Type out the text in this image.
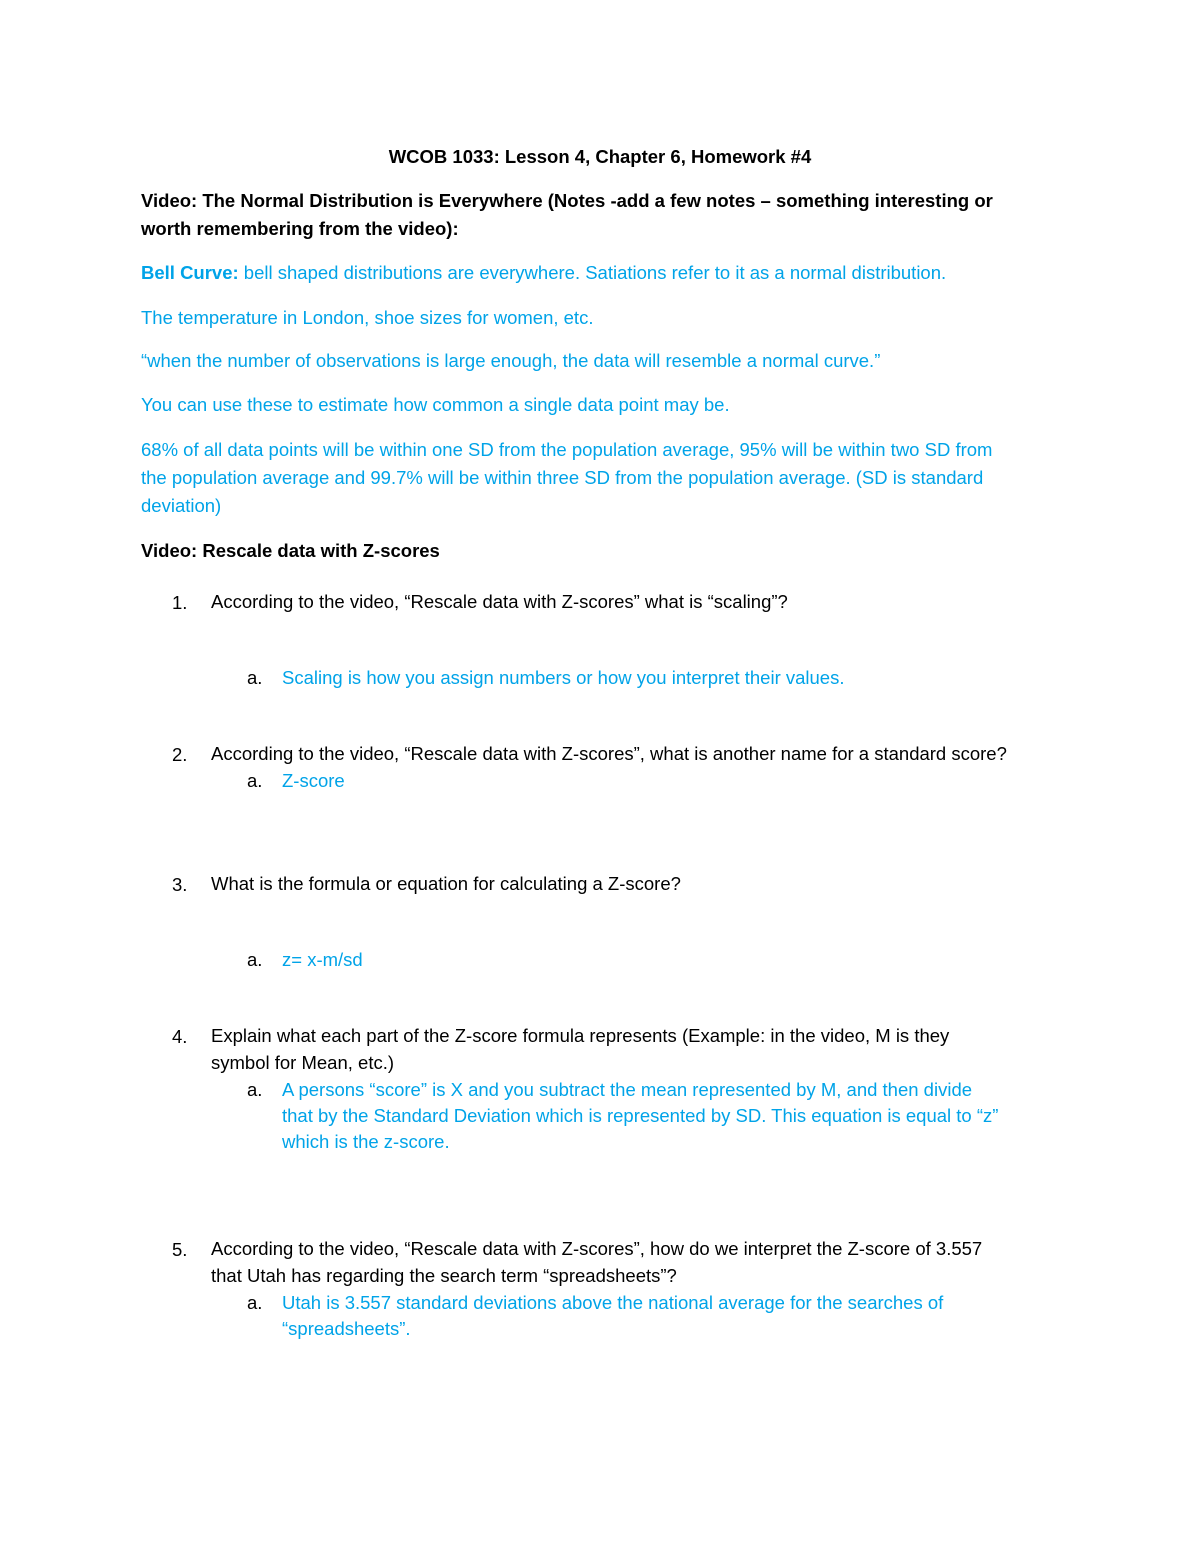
WCOB 1033: Lesson 4, Chapter 6, Homework #4
Video: The Normal Distribution is Everywhere (Notes -add a few notes – something interesting or
worth remembering from the video):
Bell Curve: bell shaped distributions are everywhere. Satiations refer to it as a normal distribution.
The temperature in London, shoe sizes for women, etc.
“when the number of observations is large enough, the data will resemble a normal curve.”
You can use these to estimate how common a single data point may be.
68% of all data points will be within one SD from the population average, 95% will be within two SD from
the population average and 99.7% will be within three SD from the population average. (SD is standard
deviation)
Video: Rescale data with Z-scores
1. According to the video, “Rescale data with Z-scores” what is “scaling”?
a. Scaling is how you assign numbers or how you interpret their values.
2. According to the video, “Rescale data with Z-scores”, what is another name for a standard score?
a. Z-score
3. What is the formula or equation for calculating a Z-score?
a. z= x-m/sd
4. Explain what each part of the Z-score formula represents (Example: in the video, M is they
symbol for Mean, etc.)
a. A persons “score” is X and you subtract the mean represented by M, and then divide
that by the Standard Deviation which is represented by SD. This equation is equal to “z”
which is the z-score.
5. According to the video, “Rescale data with Z-scores”, how do we interpret the Z-score of 3.557
that Utah has regarding the search term “spreadsheets”?
a. Utah is 3.557 standard deviations above the national average for the searches of
“spreadsheets”.
